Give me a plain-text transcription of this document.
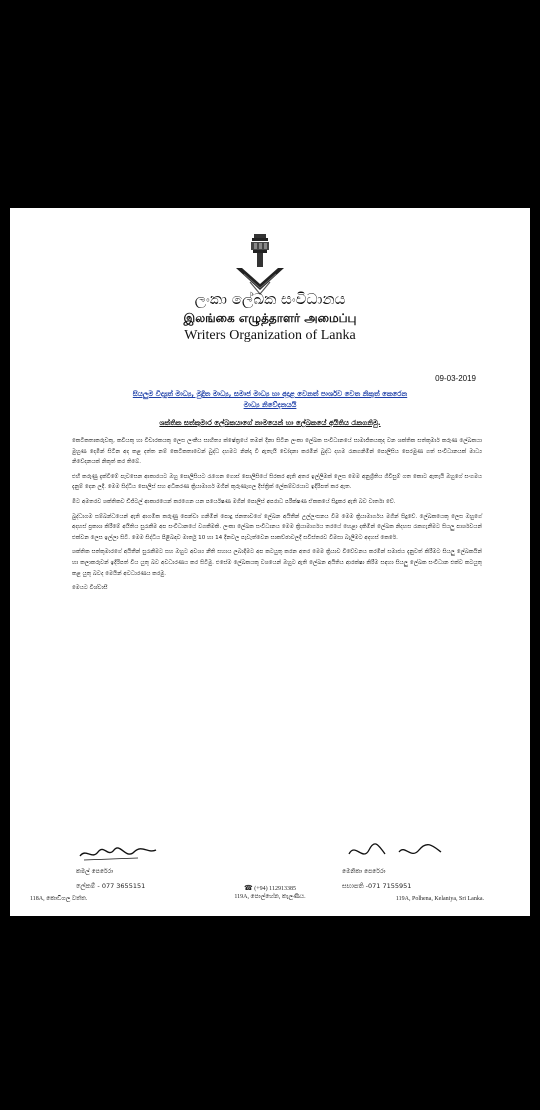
ලංකා ලේඛක සංවිධානය
இலங்கை எழுத்தாளர் அமைப்பு
Writers Organization of Lanka
09-03-2019
සියලුම විද්‍යුත් මාධ්‍ය, මුද්‍රිත මාධ්‍ය, සමාජ මාධ්‍ය හා අදාළ වෙනත් පාර්ශව වෙත නිකුත් කෙරෙන
මාධ්‍ය නිවේදනයයි
ශක්තික සත්කුමාර ලේඛකයාගේ නාමයෙන් හා ලේඛකයේ අයිතිය රැකගනිමු.

කෙටිකතාකරුවකු, කවියකු හා විචාරකයකු ලෙස ලංකීය සාහිත්‍ය ක්ෂේත්‍රයේ තමන් දිනා සිටින ලංකා ලේඛක සංවිධානයේ සාමාජිකයකුද වන ශක්තික සත්කුමාර් කරුණ ලේඛකයා මුහුණ දෙමින් සිටින අද කළ දත්ත නම් කෙටිකතාවෙන් බුද්ධ දහමට නින්දා වී ඇතැයි චෝදනා කරමින් බුද්ධ දහම රැකගනිමින් පොලිසිය පෙරමුණ ගත් සංවිධානයක් මාධ්‍ය නිවේදනයක් නිකුත් කර තිබේ.

එහි කරුණු දැක්වීමේ පැවසෙන ආකාරයට ඔහු පොලිසියට රැගෙන ගොස් පොලිසියේ සිරකර ඇති අතර ඉල්ලිමක් ලෙස මෙම අනුශ්‍රිතිය ගිවිසුම් ගත කොට ඇතැයි ඔහුගේ සංගමය දැනුම් දෙන ලදී. මෙම සිද්ධිය පොලිස් සහ අධිකරණ ක්‍රියාමාර්ග මගින් කුරුණෑගල දිස්ත්‍රික් ලේකම්වරයාට ඉදිරිපත් කර ඇත.

මීට අමතරව ශක්තිකව ඩිජිටල් ආකාරයෙන් කරගෙන යන පර්යේෂණ මගින් පොලිස් අපරාධ පරීක්ෂණ ඒකකයේ සිදුකර ඇති බව වාර්තා වේ.

බුද්ධාගම සම්බන්ධයෙන් ඇති ආගමික කරුණු පෙන්වා ගනිමින් පොදු ජනතාවගේ ලේඛන අයිතීන් උල්ලංඝනය වීම මෙම ක්‍රියාමාර්ගය මගින් සිදුවේ. ලේඛකයෙකු ලෙස ඔහුගේ අදහස් ප්‍රකාශ කිරීමේ අයිතිය සුරැකීම අප සංවිධානයේ වගකීමකි. ලංකා ලේඛක සංවිධානය මෙම ක්‍රියාමාර්ගය තරයේ හෙළා දකිමින් ලේඛක නිදහස රැකගැනීමට සියලු පාර්ශවයන් එක්වන ලෙස ඉල්ලා සිටී. මෙම සිද්ධිය පිළිබඳව මාර්තු 10 හා 14 දිනවල පැවැත්වෙන සාකච්ඡාවලදී සවිස්තරව විමසා බැලීමට අදහස් කෙරේ.

ශක්තික සත්කුමාරගේ අයිතීන් සුරැකීමට සහ ඔහුට අවශ්‍ය නීති සහාය ලබාදීමට අප කටයුතු කරන අතර මෙම ක්‍රියාව විවේචනය කරමින් සමාජය දැනුවත් කිරීමට සියලු ලේඛකයින් හා කලාකරුවන් ඉදිරිපත් විය යුතු බව අවධාරණය කර සිටිමු. එසේම ලේඛකයකු වශයෙන් ඔහුට ඇති ලේඛන අයිතිය ආරක්ෂා කිරීම සඳහා සියලු ලේඛක සංවිධාන එක්ව කටයුතු කළ යුතු බවද මෙයින් අවධාරණය කරමු.

මෙයට විශ්වාසී

කමල් පෙරේරා	මෙනිකා පෙරේරා
ලේකම් - 077 3655151	සභාපති -071 7155951
118A, කොඩිගල වත්ත.
☎ (+94) 112913385
119A, පොල්හේන, කැලණිය.	119A, Polhena, Kelaniya, Sri Lanka.
